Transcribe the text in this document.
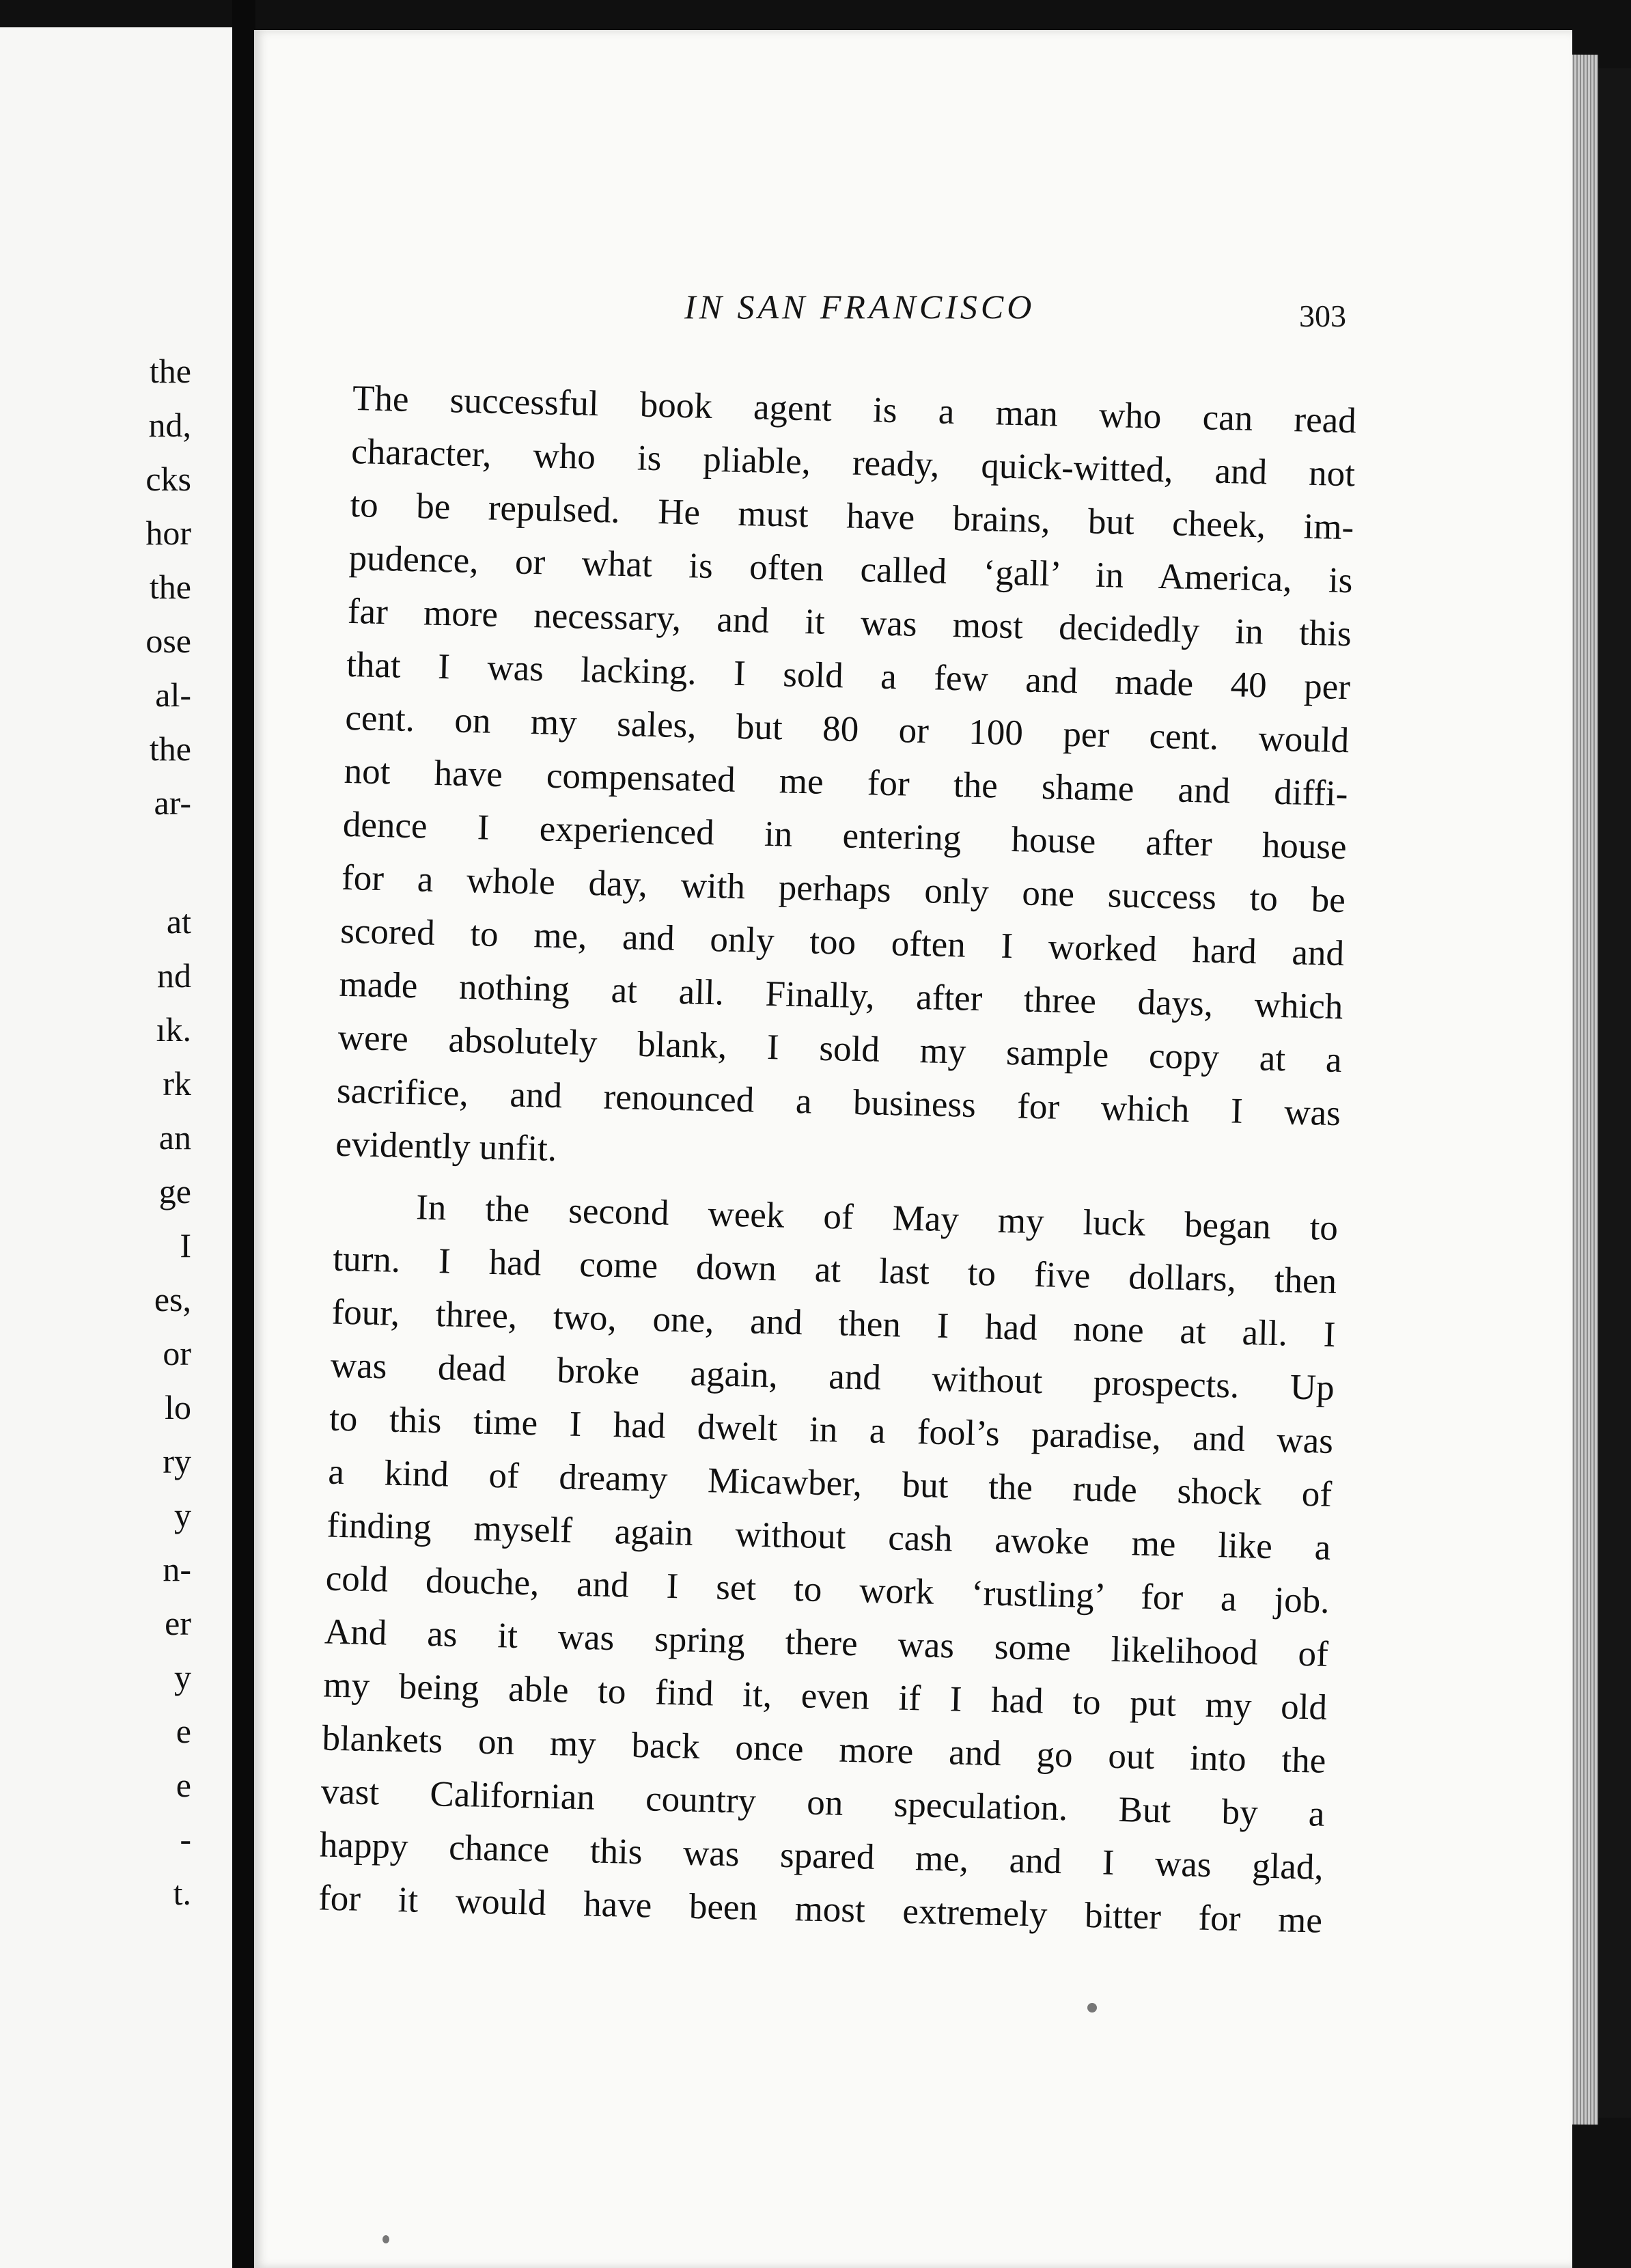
the

nd,

cks

hor

the

ose

al-

the

ar-

at

nd

ık.

rk

an

ge

I

es,

or

lo

ry

y

n-

er

y

e

e

-

t.

IN SAN FRANCISCO	303

The successful book agent is a man who can read

character, who is pliable, ready, quick-witted, and not

to be repulsed. He must have brains, but cheek, im-

pudence, or what is often called ‘gall’ in America, is

far more necessary, and it was most decidedly in this

that I was lacking. I sold a few and made 40 per

cent. on my sales, but 80 or 100 per cent. would

not have compensated me for the shame and diffi-

dence I experienced in entering house after house

for a whole day, with perhaps only one success to be

scored to me, and only too often I worked hard and

made nothing at all. Finally, after three days, which

were absolutely blank, I sold my sample copy at a

sacrifice, and renounced a business for which I was

evidently unfit.

In the second week of May my luck began to

turn. I had come down at last to five dollars, then

four, three, two, one, and then I had none at all. I

was dead broke again, and without prospects. Up

to this time I had dwelt in a fool’s paradise, and was

a kind of dreamy Micawber, but the rude shock of

finding myself again without cash awoke me like a

cold douche, and I set to work ‘rustling’ for a job.

And as it was spring there was some likelihood of

my being able to find it, even if I had to put my old

blankets on my back once more and go out into the

vast Californian country on speculation. But by a

happy chance this was spared me, and I was glad,

for it would have been most extremely bitter for me
